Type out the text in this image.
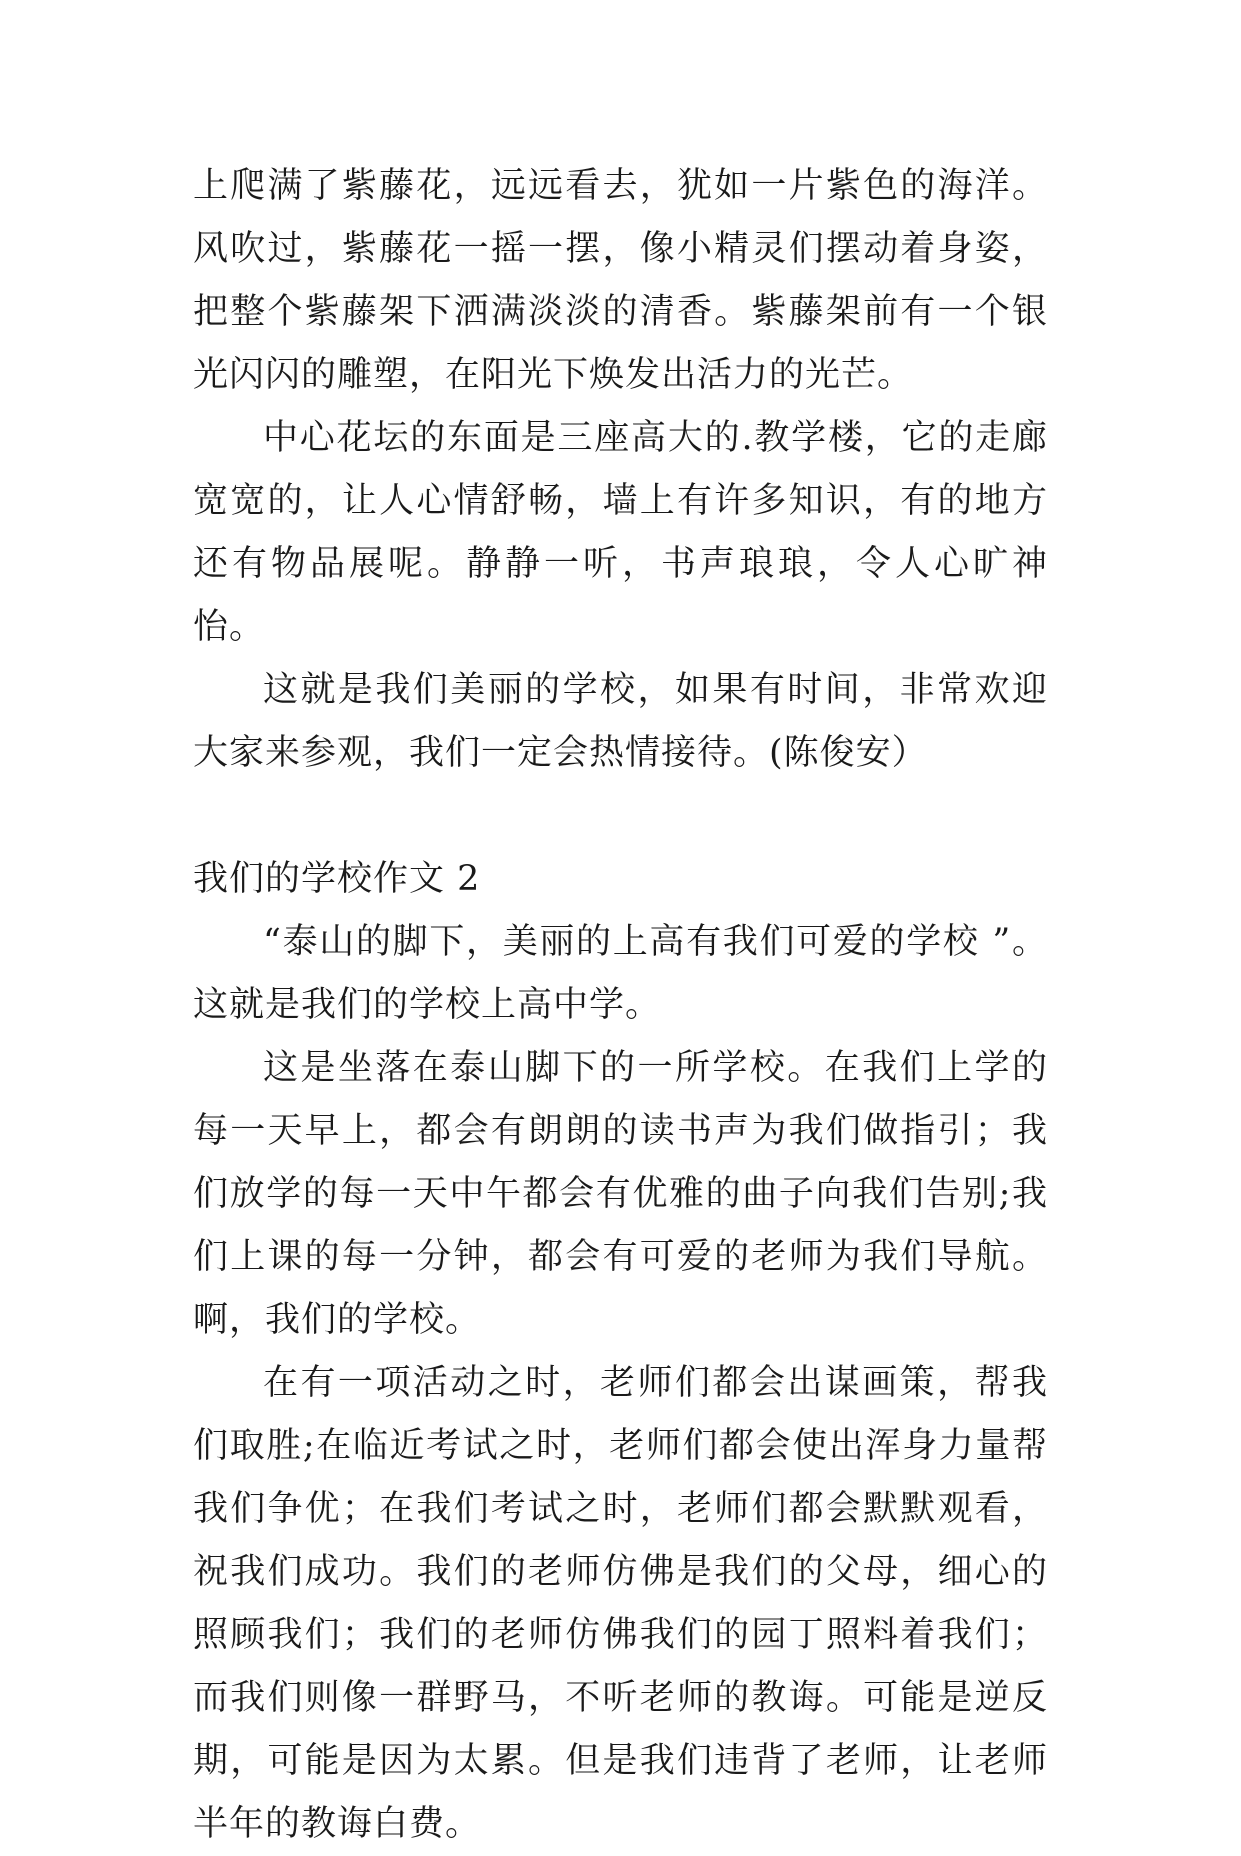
上爬满了紫藤花，远远看去，犹如一片紫色的海洋。风吹过，紫藤花一摇一摆，像小精灵们摆动着身姿，把整个紫藤架下洒满淡淡的清香。紫藤架前有一个银光闪闪的雕塑，在阳光下焕发出活力的光芒。

中心花坛的东面是三座高大的.教学楼，它的走廊宽宽的，让人心情舒畅，墙上有许多知识，有的地方还有物品展呢。静静一听，书声琅琅，令人心旷神怡。

这就是我们美丽的学校，如果有时间，非常欢迎大家来参观，我们一定会热情接待。(陈俊安）

我们的学校作文 2

“泰山的脚下，美丽的上高有我们可爱的学校 ”。这就是我们的学校上高中学。

这是坐落在泰山脚下的一所学校。在我们上学的每一天早上，都会有朗朗的读书声为我们做指引；我们放学的每一天中午都会有优雅的曲子向我们告别;我们上课的每一分钟，都会有可爱的老师为我们导航。啊，我们的学校。

在有一项活动之时，老师们都会出谋画策，帮我们取胜;在临近考试之时，老师们都会使出浑身力量帮我们争优；在我们考试之时，老师们都会默默观看，祝我们成功。我们的老师仿佛是我们的父母，细心的照顾我们；我们的老师仿佛我们的园丁照料着我们；而我们则像一群野马，不听老师的教诲。可能是逆反期，可能是因为太累。但是我们违背了老师，让老师半年的教诲白费。
